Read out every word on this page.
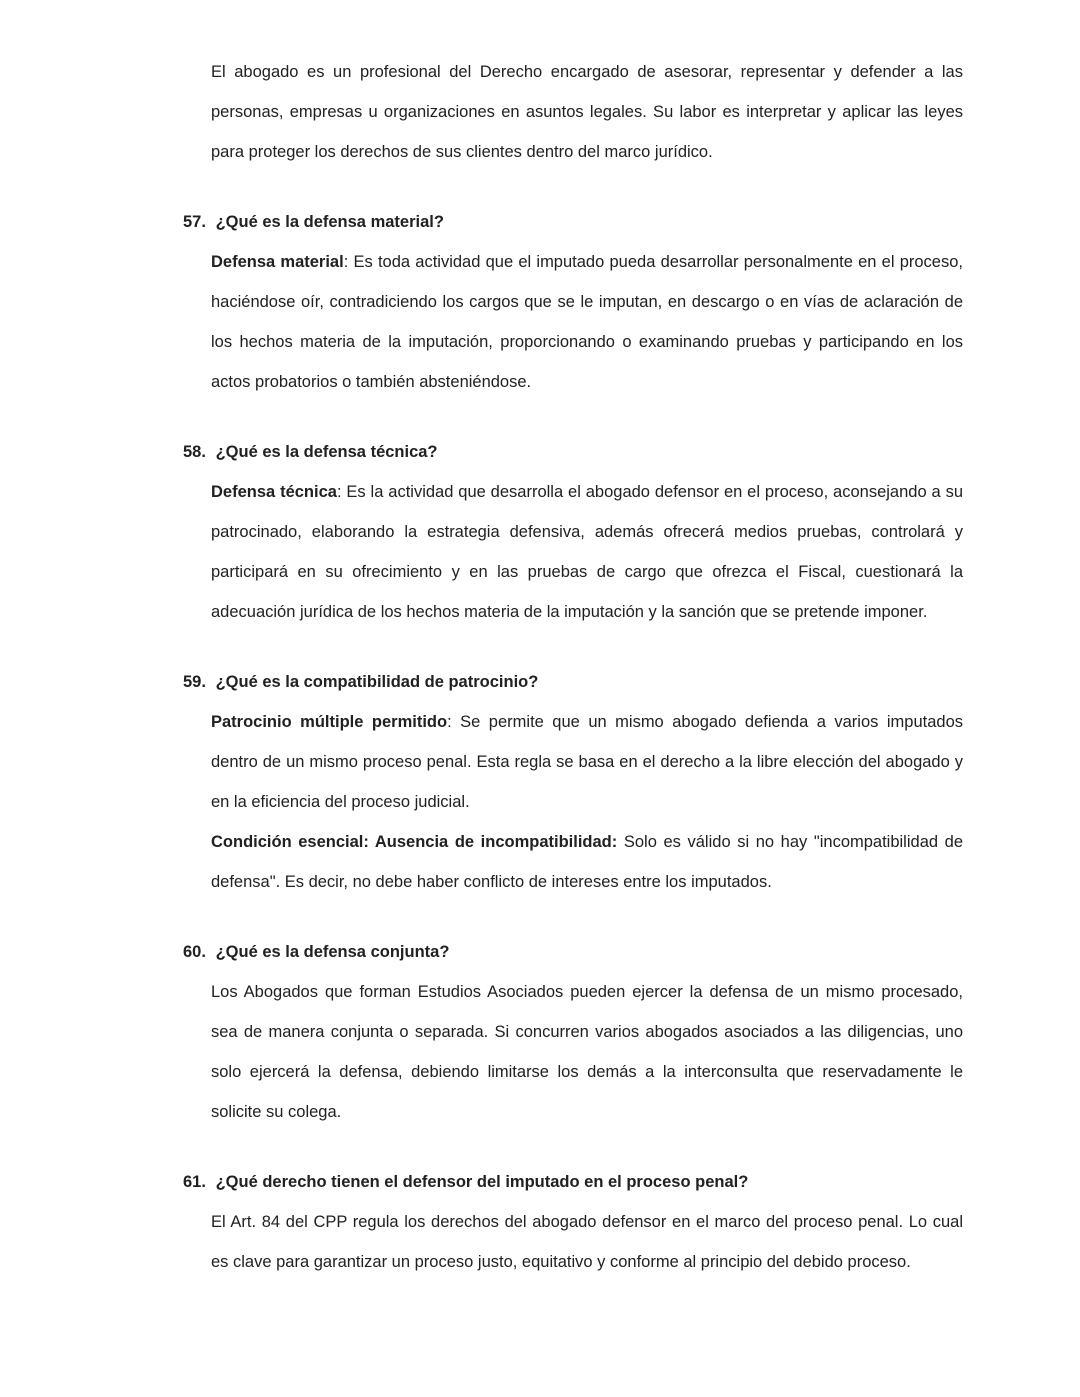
El abogado es un profesional del Derecho encargado de asesorar, representar y defender a las personas, empresas u organizaciones en asuntos legales. Su labor es interpretar y aplicar las leyes para proteger los derechos de sus clientes dentro del marco jurídico.

57. ¿Qué es la defensa material?

Defensa material: Es toda actividad que el imputado pueda desarrollar personalmente en el proceso, haciéndose oír, contradiciendo los cargos que se le imputan, en descargo o en vías de aclaración de los hechos materia de la imputación, proporcionando o examinando pruebas y participando en los actos probatorios o también absteniéndose.

58. ¿Qué es la defensa técnica?

Defensa técnica: Es la actividad que desarrolla el abogado defensor en el proceso, aconsejando a su patrocinado, elaborando la estrategia defensiva, además ofrecerá medios pruebas, controlará y participará en su ofrecimiento y en las pruebas de cargo que ofrezca el Fiscal, cuestionará la adecuación jurídica de los hechos materia de la imputación y la sanción que se pretende imponer.

59. ¿Qué es la compatibilidad de patrocinio?

Patrocinio múltiple permitido: Se permite que un mismo abogado defienda a varios imputados dentro de un mismo proceso penal. Esta regla se basa en el derecho a la libre elección del abogado y en la eficiencia del proceso judicial.

Condición esencial: Ausencia de incompatibilidad: Solo es válido si no hay "incompatibilidad de defensa". Es decir, no debe haber conflicto de intereses entre los imputados.

60. ¿Qué es la defensa conjunta?

Los Abogados que forman Estudios Asociados pueden ejercer la defensa de un mismo procesado, sea de manera conjunta o separada. Si concurren varios abogados asociados a las diligencias, uno solo ejercerá la defensa, debiendo limitarse los demás a la interconsulta que reservadamente le solicite su colega.

61. ¿Qué derecho tienen el defensor del imputado en el proceso penal?

El Art. 84 del CPP regula los derechos del abogado defensor en el marco del proceso penal. Lo cual es clave para garantizar un proceso justo, equitativo y conforme al principio del debido proceso.
